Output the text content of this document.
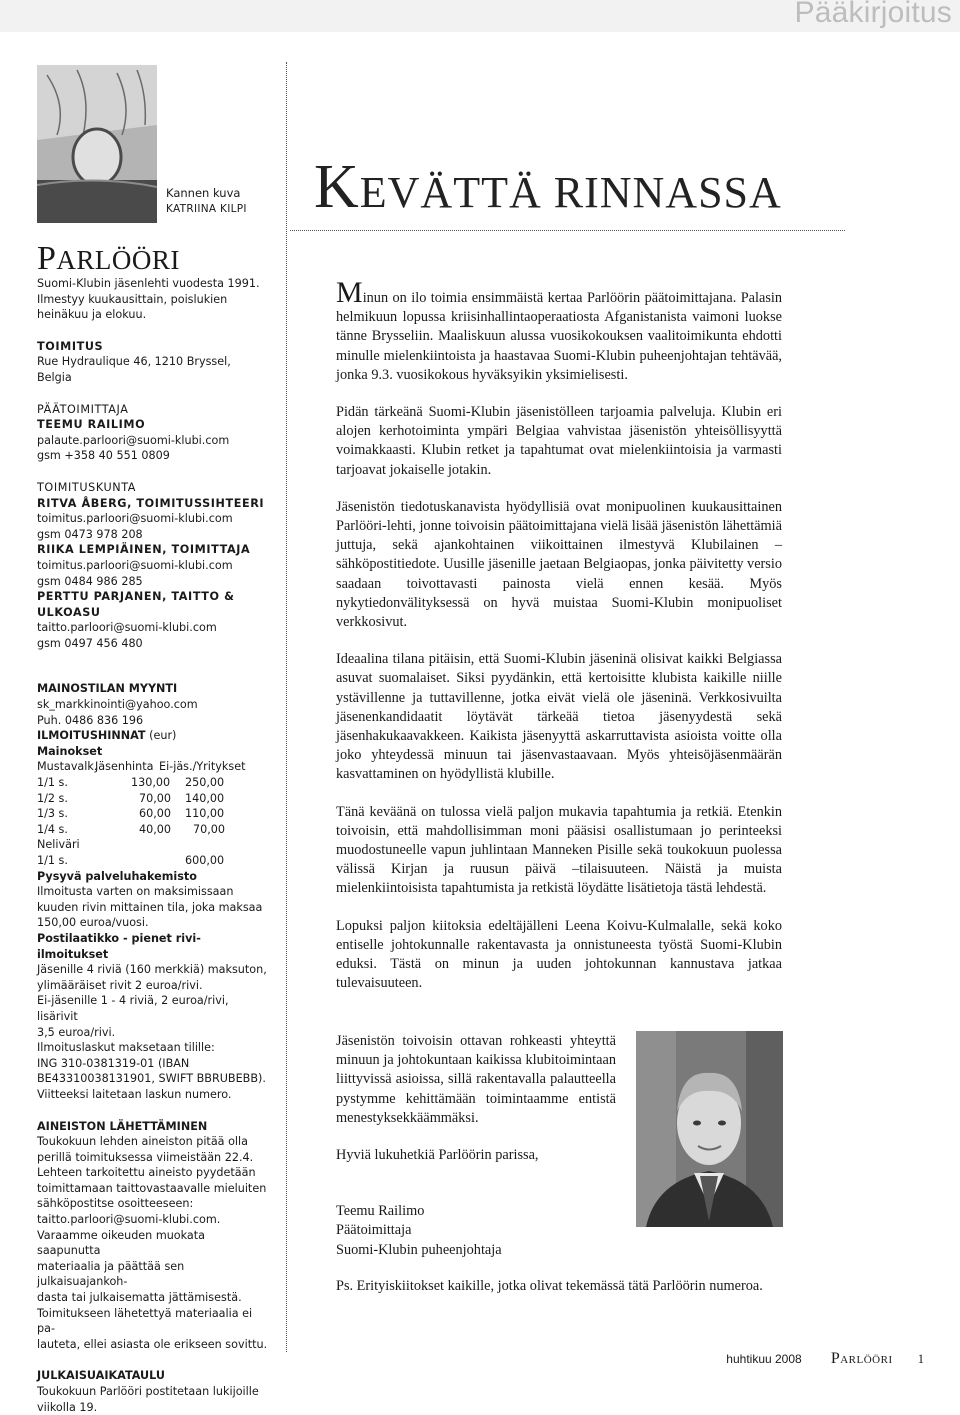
Pääkirjoitus
Kannen kuva
KATRIINA KILPI
PARLÖÖRI

Suomi-Klubin jäsenlehti vuodesta 1991.

Ilmestyy kuukausittain, poislukien

heinäkuu ja elokuu.

TOIMITUS

Rue Hydraulique 46, 1210 Bryssel, Belgia

PÄÄTOIMITTAJA

TEEMU RAILIMO

palaute.parloori@suomi-klubi.com

gsm +358 40 551 0809

TOIMITUSKUNTA

RITVA ÅBERG, TOIMITUSSIHTEERI

toimitus.parloori@suomi-klubi.com

gsm 0473 978 208

RIIKA LEMPIÄINEN, TOIMITTAJA

toimitus.parloori@suomi-klubi.com

gsm 0484 986 285

PERTTU PARJANEN, TAITTO & ULKOASU

taitto.parloori@suomi-klubi.com

gsm 0497 456 480

MAINOSTILAN MYYNTI

sk_markkinointi@yahoo.com

Puh. 0486 836 196

ILMOITUSHINNAT (eur)

Mainokset

Mustavalk.
Jäsenhinta Ei-jäs./Yritykset
1/1 s.	130,00 250,00
1/2 s.	70,00 140,00
1/3 s.	60,00 110,00
1/4 s.	40,00 70,00

Neliväri

1/1 s.	600,00

Pysyvä palveluhakemisto

Ilmoitusta varten on maksimissaan

kuuden rivin mittainen tila, joka maksaa

150,00 euroa/vuosi.

Postilaatikko - pienet rivi-ilmoitukset

Jäsenille 4 riviä (160 merkkiä) maksuton,

ylimääräiset rivit 2 euroa/rivi.

Ei-jäsenille 1 - 4 riviä, 2 euroa/rivi, lisärivit

3,5 euroa/rivi.

Ilmoituslaskut maksetaan tilille:

ING 310-0381319-01 (IBAN

BE43310038131901, SWIFT BBRUBEBB).

Viitteeksi laitetaan laskun numero.

AINEISTON LÄHETTÄMINEN

Toukokuun lehden aineiston pitää olla

perillä toimituksessa viimeistään 22.4.

Lehteen tarkoitettu aineisto pyydetään

toimittamaan taittovastaavalle mieluiten

sähköpostitse osoitteeseen:

taitto.parloori@suomi-klubi.com.

Varaamme oikeuden muokata saapunutta

materiaalia ja päättää sen julkaisuajankoh-

dasta tai julkaisematta jättämisestä.

Toimitukseen lähetettyä materiaalia ei pa-

lauteta, ellei asiasta ole erikseen sovittu.

JULKAISUAIKATAULU

Toukokuun Parlööri postitetaan lukijoille

viikolla 19.

KEVÄTTÄ RINNASSA

Minun on ilo toimia ensimmäistä kertaa Parlöörin päätoimittajana. Palasin helmikuun lopussa kriisinhallintaoperaatiosta Afganistanista vaimoni luokse tänne Brysseliin. Maaliskuun alussa vuosikokouksen vaalitoimikunta ehdotti minulle mielenkiintoista ja haastavaa Suomi-Klubin puheenjohtajan tehtävää, jonka 9.3. vuosikokous hyväksyikin yksimielisesti.

Pidän tärkeänä Suomi-Klubin jäsenistölleen tarjoamia palveluja. Klubin eri alojen kerhotoiminta ympäri Belgiaa vahvistaa jäsenistön yhteisöllisyyttä voimakkaasti. Klubin retket ja tapahtumat ovat mielenkiintoisia ja varmasti tarjoavat jokaiselle jotakin.

Jäsenistön tiedotuskanavista hyödyllisiä ovat monipuolinen kuukausittainen Parlööri-lehti, jonne toivoisin päätoimittajana vielä lisää jäsenistön lähettämiä juttuja, sekä ajankohtainen viikoittainen ilmestyvä Klubilainen – sähköpostitiedote. Uusille jäsenille jaetaan Belgiaopas, jonka päivitetty versio saadaan toivottavasti painosta vielä ennen kesää. Myös nykytiedonvälityksessä on hyvä muistaa Suomi-Klubin monipuoliset verkkosivut.

Ideaalina tilana pitäisin, että Suomi-Klubin jäseninä olisivat kaikki Belgiassa asuvat suomalaiset. Siksi pyydänkin, että kertoisitte klubista kaikille niille ystävillenne ja tuttavillenne, jotka eivät vielä ole jäseninä. Verkkosivuilta jäsenenkandidaatit löytävät tärkeää tietoa jäsenyydestä sekä jäsenhakukaavakkeen. Kaikista jäsenyyttä askarruttavista asioista voitte olla joko yhteydessä minuun tai jäsenvastaavaan. Myös yhteisöjäsenmäärän kasvattaminen on hyödyllistä klubille.

Tänä keväänä on tulossa vielä paljon mukavia tapahtumia ja retkiä. Etenkin toivoisin, että mahdollisimman moni pääsisi osallistumaan jo perinteeksi muodostuneelle vapun juhlintaan Manneken Pisille sekä toukokuun puolessa välissä Kirjan ja ruusun päivä –tilaisuuteen. Näistä ja muista mielenkiintoisista tapahtumista ja retkistä löydätte lisätietoja tästä lehdestä.

Lopuksi paljon kiitoksia edeltäjälleni Leena Koivu-Kulmalalle, sekä koko entiselle johtokunnalle rakentavasta ja onnistuneesta työstä Suomi-Klubin eduksi. Tästä on minun ja uuden johtokunnan kannustava jatkaa tulevaisuuteen.

Jäsenistön toivoisin ottavan rohkeasti yhteyttä minuun ja johtokuntaan kaikissa klubitoimintaan liittyvissä asioissa, sillä rakentavalla palautteella pystymme kehittämään toimintaamme entistä menestyksekkäämmäksi.

Hyviä lukuhetkiä Parlöörin parissa,

Teemu Railimo
Päätoimittaja
Suomi-Klubin puheenjohtaja
Ps. Erityiskiitokset kaikille, jotka olivat tekemässä tätä Parlöörin numeroa.
huhtikuu 2008 PARLÖÖRI 1
